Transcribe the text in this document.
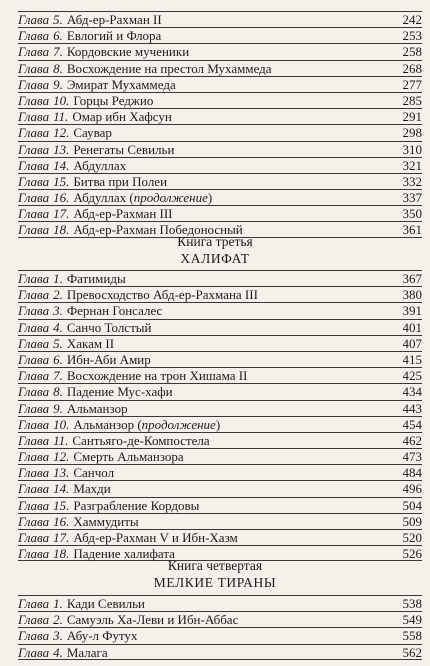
Глава 5. Абд-ер-Рахман II	242
Глава 6. Евлогий и Флора	253
Глава 7. Кордовские мученики	258
Глава 8. Восхождение на престол Мухаммеда	268
Глава 9. Эмират Мухаммеда	277
Глава 10. Горцы Реджио	285
Глава 11. Омар ибн Хафсун	291
Глава 12. Саувар	298
Глава 13. Ренегаты Севильи	310
Глава 14. Абдуллах	321
Глава 15. Битва при Полеи	332
Глава 16. Абдуллах (продолжение)	337
Глава 17. Абд-ер-Рахман III	350
Глава 18. Абд-ер-Рахман Победоносный	361
Книга третья
ХАЛИФАТ
Глава 1. Фатимиды	367
Глава 2. Превосходство Абд-ер-Рахмана III	380
Глава 3. Фернан Гонсалес	391
Глава 4. Санчо Толстый	401
Глава 5. Хакам II	407
Глава 6. Ибн-Аби Амир	415
Глава 7. Восхождение на трон Хишама II	425
Глава 8. Падение Мус-хафи	434
Глава 9. Альманзор	443
Глава 10. Альманзор (продолжение)	454
Глава 11. Сантьяго-де-Компостела	462
Глава 12. Смерть Альманзора	473
Глава 13. Санчол	484
Глава 14. Махди	496
Глава 15. Разграбление Кордовы	504
Глава 16. Хаммудиты	509
Глава 17. Абд-ер-Рахман V и Ибн-Хазм	520
Глава 18. Падение халифата	526
Книга четвертая
МЕЛКИЕ ТИРАНЫ
Глава 1. Кади Севильи	538
Глава 2. Самуэль Ха-Леви и Ибн-Аббас	549
Глава 3. Абу-л Футух	558
Глава 4. Малага	562
